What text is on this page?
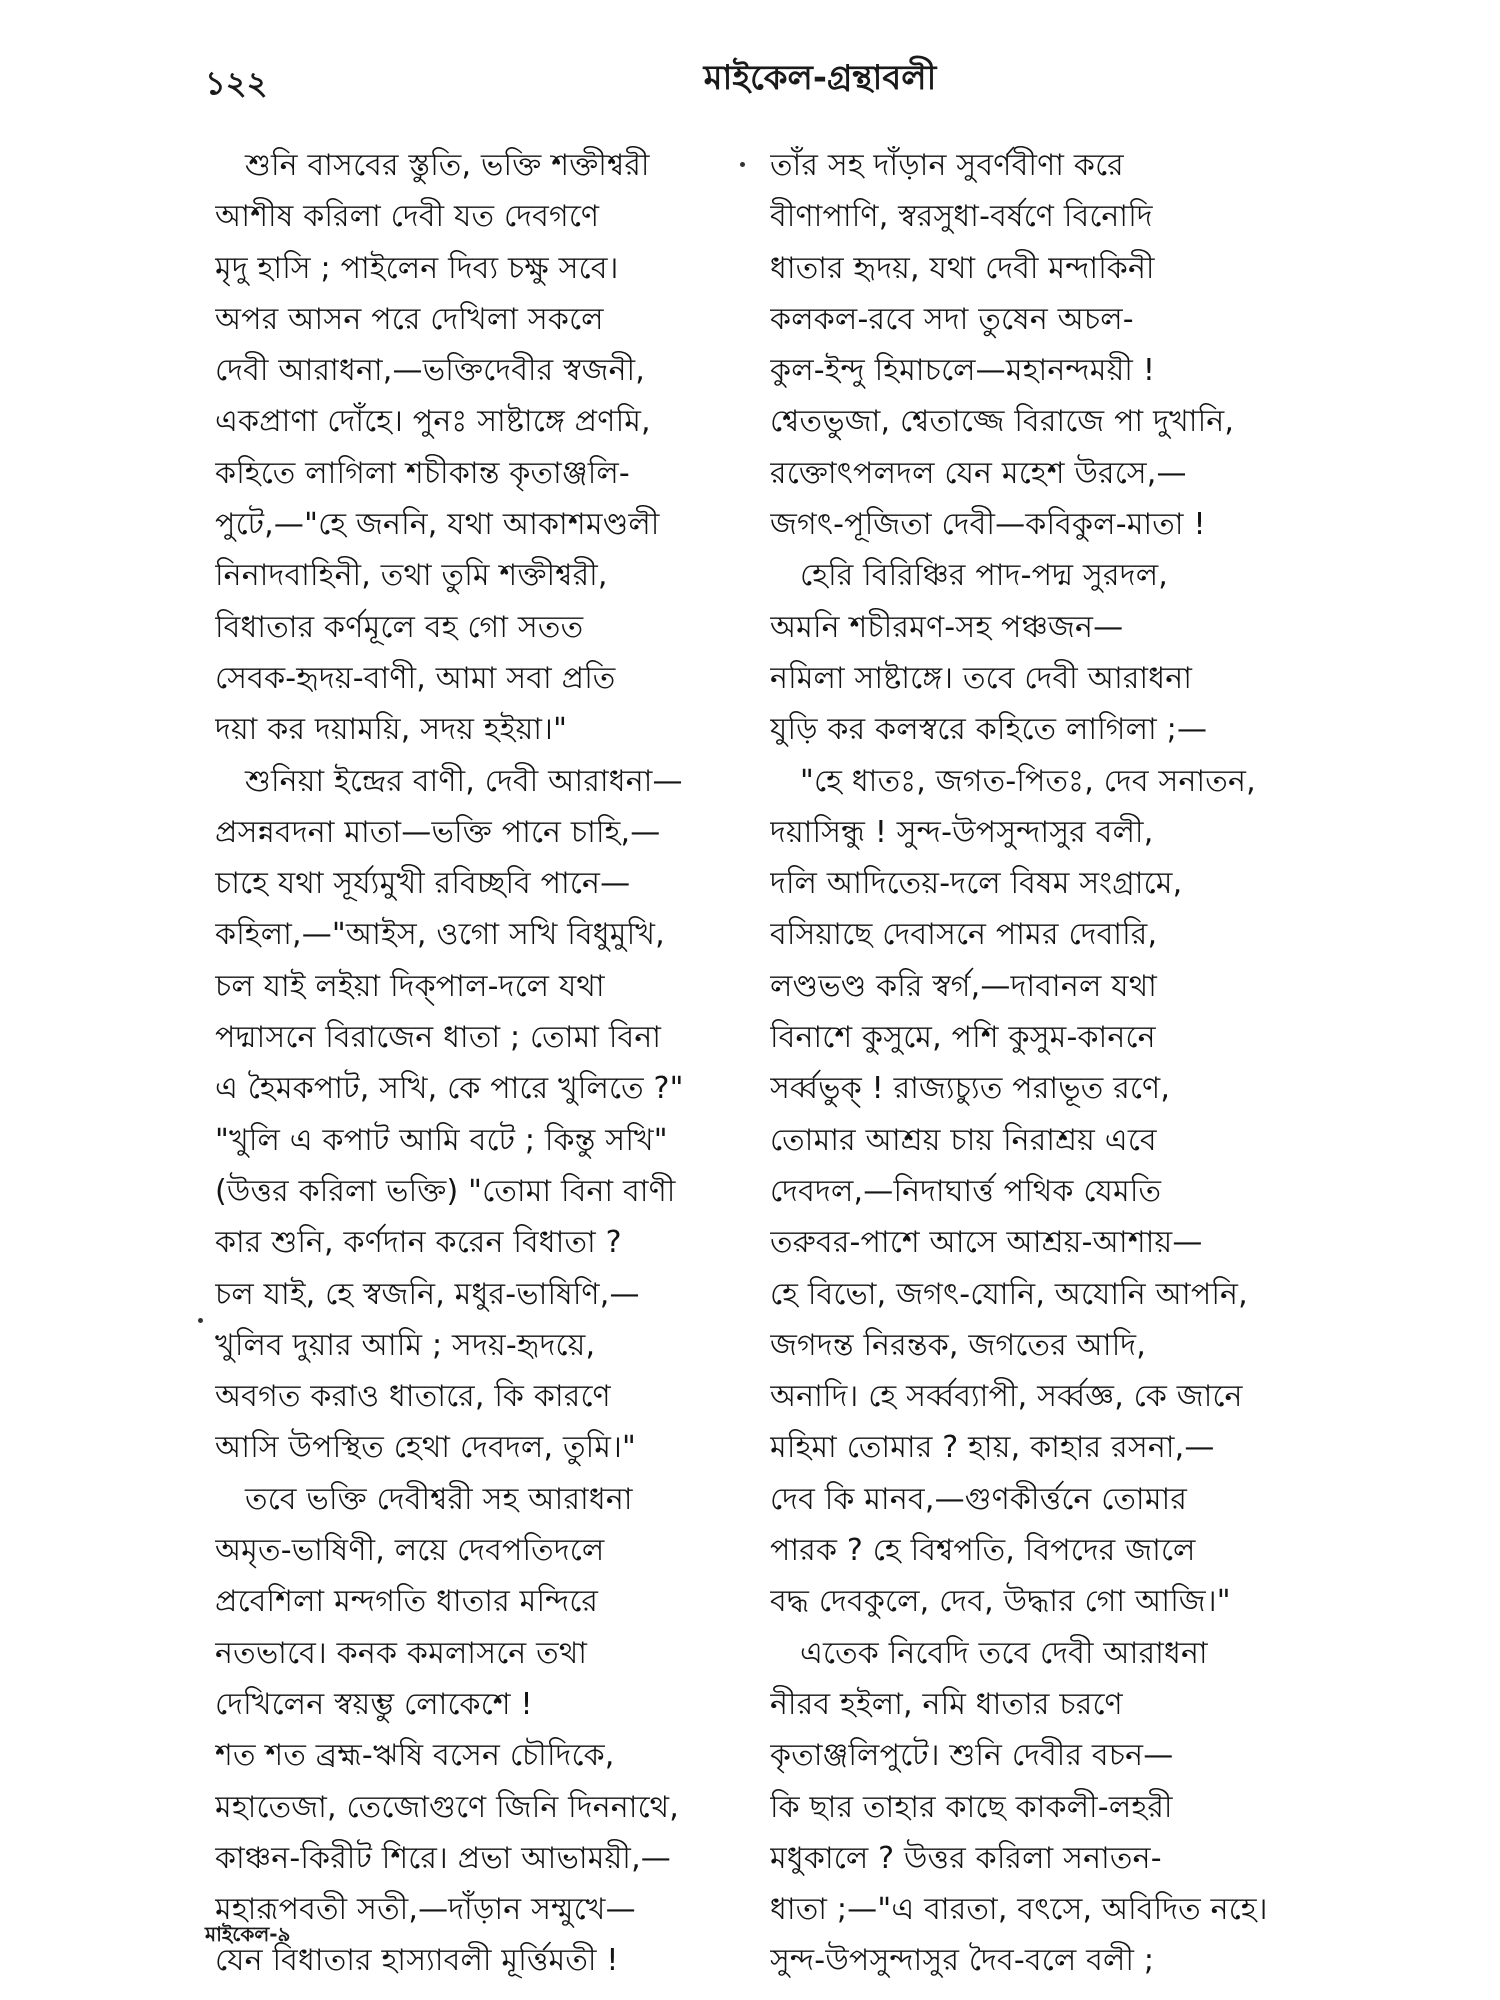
১২২	মাইকেল-গ্রন্থাবলী
শুনি বাসবের স্তুতি, ভক্তি শক্তীশ্বরী
আশীষ করিলা দেবী যত দেবগণে
মৃদু হাসি ; পাইলেন দিব্য চক্ষু সবে।
অপর আসন পরে দেখিলা সকলে
দেবী আরাধনা,—ভক্তিদেবীর স্বজনী,
একপ্রাণা দোঁহে। পুনঃ সাষ্টাঙ্গে প্রণমি,
কহিতে লাগিলা শচীকান্ত কৃতাঞ্জলি-
পুটে,—"হে জননি, যথা আকাশমণ্ডলী
নিনাদবাহিনী, তথা তুমি শক্তীশ্বরী,
বিধাতার কর্ণমূলে বহ গো সতত
সেবক-হৃদয়-বাণী, আমা সবা প্রতি
দয়া কর দয়াময়ি, সদয় হইয়া।"
শুনিয়া ইন্দ্রের বাণী, দেবী আরাধনা—
প্রসন্নবদনা মাতা—ভক্তি পানে চাহি,—
চাহে যথা সূর্য্যমুখী রবিচ্ছবি পানে—
কহিলা,—"আইস, ওগো সখি বিধুমুখি,
চল যাই লইয়া দিক্‌পাল-দলে যথা
পদ্মাসনে বিরাজেন ধাতা ; তোমা বিনা
এ হৈমকপাট, সখি, কে পারে খুলিতে ?"
"খুলি এ কপাট আমি বটে ; কিন্তু সখি"
(উত্তর করিলা ভক্তি) "তোমা বিনা বাণী
কার শুনি, কর্ণদান করেন বিধাতা ?
চল যাই, হে স্বজনি, মধুর-ভাষিণি,—
খুলিব দুয়ার আমি ; সদয়-হৃদয়ে,
অবগত করাও ধাতারে, কি কারণে
আসি উপস্থিত হেথা দেবদল, তুমি।"
তবে ভক্তি দেবীশ্বরী সহ আরাধনা
অমৃত-ভাষিণী, লয়ে দেবপতিদলে
প্রবেশিলা মন্দগতি ধাতার মন্দিরে
নতভাবে। কনক কমলাসনে তথা
দেখিলেন স্বয়ম্ভু লোকেশে !
শত শত ব্রহ্ম-ঋষি বসেন চৌদিকে,
মহাতেজা, তেজোগুণে জিনি দিননাথে,
কাঞ্চন-কিরীট শিরে। প্রভা আভাময়ী,—
মহারূপবতী সতী,—দাঁড়ান সম্মুখে—
যেন বিধাতার হাস্যাবলী মূর্ত্তিমতী !
তাঁর সহ দাঁড়ান সুবর্ণবীণা করে
বীণাপাণি, স্বরসুধা-বর্ষণে বিনোদি
ধাতার হৃদয়, যথা দেবী মন্দাকিনী
কলকল-রবে সদা তুষেন অচল-
কুল-ইন্দু হিমাচলে—মহানন্দময়ী !
শ্বেতভুজা, শ্বেতাজ্জে বিরাজে পা দুখানি,
রক্তোৎপলদল যেন মহেশ উরসে,—
জগৎ-পূজিতা দেবী—কবিকুল-মাতা !
হেরি বিরিঞ্চির পাদ-পদ্ম সুরদল,
অমনি শচীরমণ-সহ পঞ্চজন—
নমিলা সাষ্টাঙ্গে। তবে দেবী আরাধনা
যুড়ি কর কলস্বরে কহিতে লাগিলা ;—
"হে ধাতঃ, জগত-পিতঃ, দেব সনাতন,
দয়াসিন্ধু ! সুন্দ-উপসুন্দাসুর বলী,
দলি আদিতেয়-দলে বিষম সংগ্রামে,
বসিয়াছে দেবাসনে পামর দেবারি,
লণ্ডভণ্ড করি স্বর্গ,—দাবানল যথা
বিনাশে কুসুমে, পশি কুসুম-কাননে
সর্ব্বভুক্ ! রাজ্যচ্যুত পরাভূত রণে,
তোমার আশ্রয় চায় নিরাশ্রয় এবে
দেবদল,—নিদাঘার্ত্ত পথিক যেমতি
তরুবর-পাশে আসে আশ্রয়-আশায়—
হে বিভো, জগৎ-যোনি, অযোনি আপনি,
জগদন্ত নিরন্তক, জগতের আদি,
অনাদি। হে সর্ব্বব্যাপী, সর্ব্বজ্ঞ, কে জানে
মহিমা তোমার ? হায়, কাহার রসনা,—
দেব কি মানব,—গুণকীর্ত্তনে তোমার
পারক ? হে বিশ্বপতি, বিপদের জালে
বদ্ধ দেবকুলে, দেব, উদ্ধার গো আজি।"
এতেক নিবেদি তবে দেবী আরাধনা
নীরব হইলা, নমি ধাতার চরণে
কৃতাঞ্জলিপুটে। শুনি দেবীর বচন—
কি ছার তাহার কাছে কাকলী-লহরী
মধুকালে ? উত্তর করিলা সনাতন-
ধাতা ;—"এ বারতা, বৎসে, অবিদিত নহে।
সুন্দ-উপসুন্দাসুর দৈব-বলে বলী ;
মাইকেল-৯
